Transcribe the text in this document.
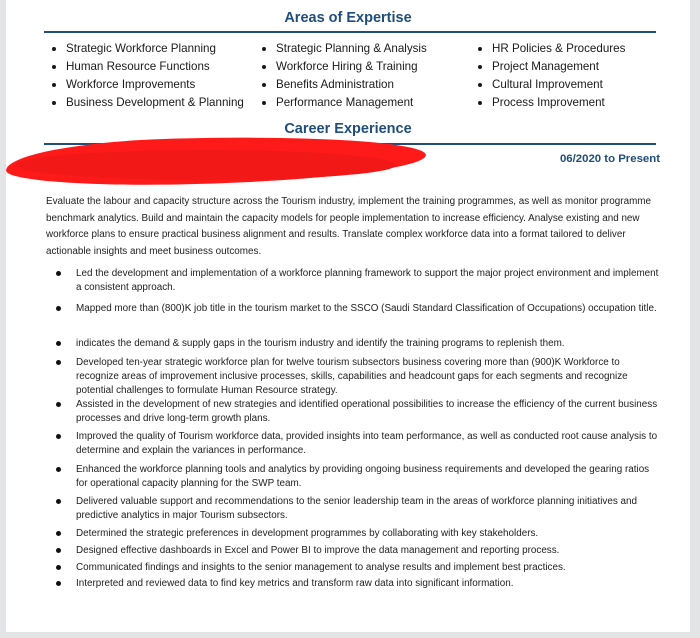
Areas of Expertise
Strategic Workforce Planning
Human Resource Functions
Workforce Improvements
Business Development & Planning
Strategic Planning & Analysis
Workforce Hiring & Training
Benefits Administration
Performance Management
HR Policies & Procedures
Project Management
Cultural Improvement
Process Improvement
Career Experience
06/2020 to Present
Evaluate the labour and capacity structure across the Tourism industry, implement the training programmes, as well as monitor programme benchmark analytics. Build and maintain the capacity models for people implementation to increase efficiency. Analyse existing and new workforce plans to ensure practical business alignment and results. Translate complex workforce data into a format tailored to deliver actionable insights and meet business outcomes.
Led the development and implementation of a workforce planning framework to support the major project environment and implement a consistent approach.
Mapped more than (800)K job title in the tourism market to the SSCO (Saudi Standard Classification of Occupations) occupation title.
indicates the demand & supply gaps in the tourism industry and identify the training programs to replenish them.
Developed ten-year strategic workforce plan for twelve tourism subsectors business covering more than (900)K Workforce to recognize areas of improvement inclusive processes, skills, capabilities and headcount gaps for each segments and recognize potential challenges to formulate Human Resource strategy.
Assisted in the development of new strategies and identified operational possibilities to increase the efficiency of the current business processes and drive long-term growth plans.
Improved the quality of Tourism workforce data, provided insights into team performance, as well as conducted root cause analysis to determine and explain the variances in performance.
Enhanced the workforce planning tools and analytics by providing ongoing business requirements and developed the gearing ratios for operational capacity planning for the SWP team.
Delivered valuable support and recommendations to the senior leadership team in the areas of workforce planning initiatives and predictive analytics in major Tourism subsectors.
Determined the strategic preferences in development programmes by collaborating with key stakeholders.
Designed effective dashboards in Excel and Power BI to improve the data management and reporting process.
Communicated findings and insights to the senior management to analyse results and implement best practices.
Interpreted and reviewed data to find key metrics and transform raw data into significant information.
